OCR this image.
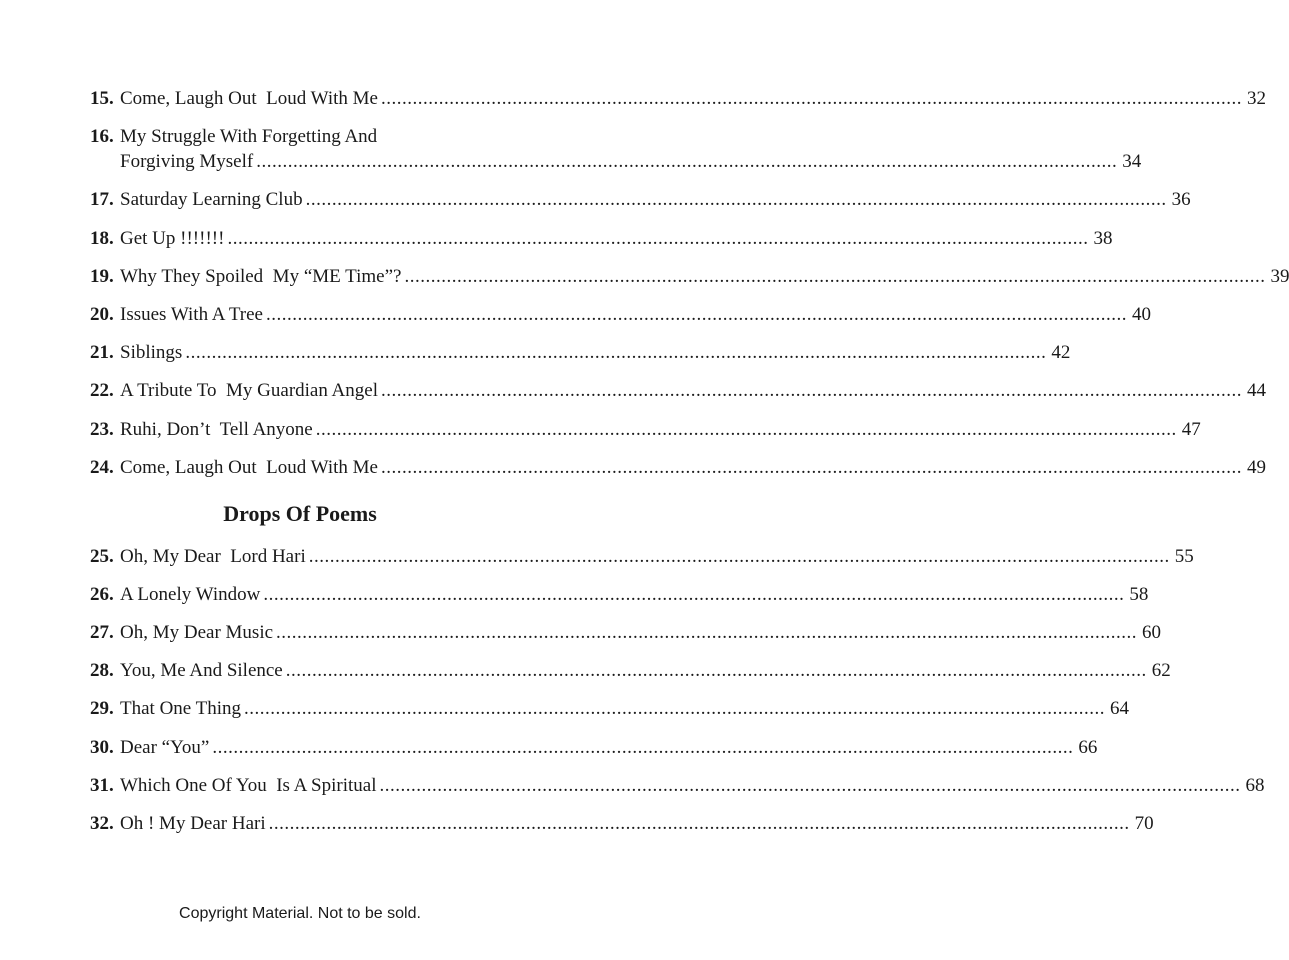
15. Come, Laugh Out  Loud With Me .....	32
16. My Struggle With Forgetting And
Forgiving Myself .....	34
17. Saturday Learning Club .....	36
18. Get Up !!!!!!! .....	38
19. Why They Spoiled  My “ME Time”? .....	39
20. Issues With A Tree .....	40
21. Siblings .....	42
22. A Tribute To  My Guardian Angel .....	44
23. Ruhi, Don’t  Tell Anyone .....	47
24. Come, Laugh Out  Loud With Me .....	49
Drops Of Poems
25. Oh, My Dear  Lord Hari .....	55
26. A Lonely Window .....	58
27. Oh, My Dear Music .....	60
28. You, Me And Silence .....	62
29. That One Thing .....	64
30. Dear “You” .....	66
31. Which One Of You  Is A Spiritual .....	68
32. Oh ! My Dear Hari .....	70
Copyright Material. Not to be sold.
